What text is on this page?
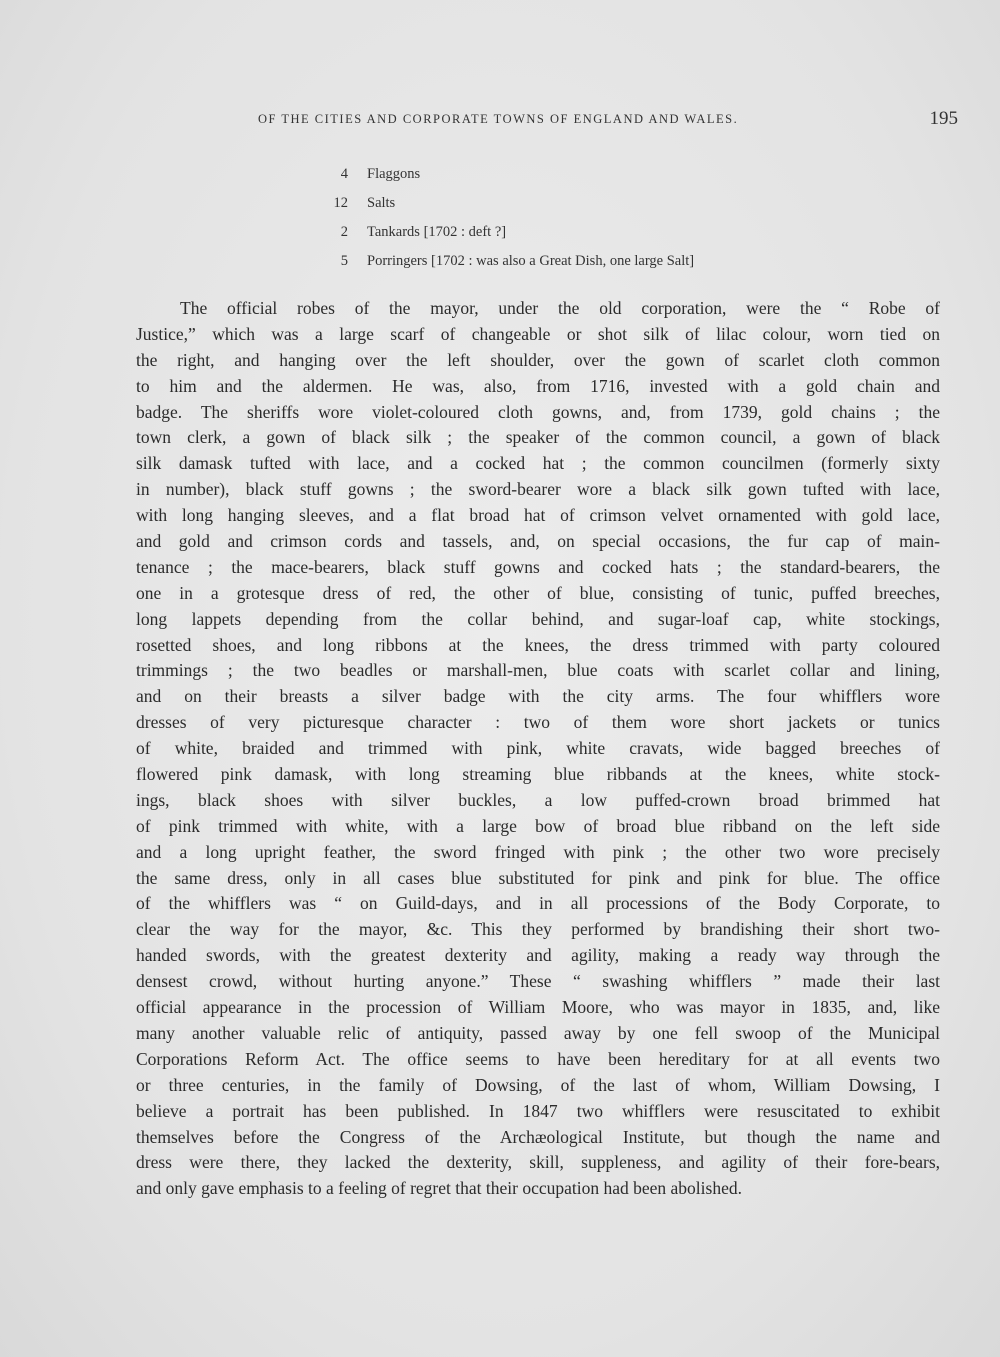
OF THE CITIES AND CORPORATE TOWNS OF ENGLAND AND WALES.	195
4 Flaggons
12 Salts
2 Tankards [1702 : deft ?]
5 Porringers [1702 : was also a Great Dish, one large Salt]
The official robes of the mayor, under the old corporation, were the “ Robe of
Justice,” which was a large scarf of changeable or shot silk of lilac colour, worn tied on
the right, and hanging over the left shoulder, over the gown of scarlet cloth common
to him and the aldermen. He was, also, from 1716, invested with a gold chain and
badge. The sheriffs wore violet-coloured cloth gowns, and, from 1739, gold chains ; the
town clerk, a gown of black silk ; the speaker of the common council, a gown of black
silk damask tufted with lace, and a cocked hat ; the common councilmen (formerly sixty
in number), black stuff gowns ; the sword-bearer wore a black silk gown tufted with lace,
with long hanging sleeves, and a flat broad hat of crimson velvet ornamented with gold lace,
and gold and crimson cords and tassels, and, on special occasions, the fur cap of main-
tenance ; the mace-bearers, black stuff gowns and cocked hats ; the standard-bearers, the
one in a grotesque dress of red, the other of blue, consisting of tunic, puffed breeches,
long lappets depending from the collar behind, and sugar-loaf cap, white stockings,
rosetted shoes, and long ribbons at the knees, the dress trimmed with party coloured
trimmings ; the two beadles or marshall-men, blue coats with scarlet collar and lining,
and on their breasts a silver badge with the city arms. The four whifflers wore
dresses of very picturesque character : two of them wore short jackets or tunics
of white, braided and trimmed with pink, white cravats, wide bagged breeches of
flowered pink damask, with long streaming blue ribbands at the knees, white stock-
ings, black shoes with silver buckles, a low puffed-crown broad brimmed hat
of pink trimmed with white, with a large bow of broad blue ribband on the left side
and a long upright feather, the sword fringed with pink ; the other two wore precisely
the same dress, only in all cases blue substituted for pink and pink for blue. The office
of the whifflers was “ on Guild-days, and in all processions of the Body Corporate, to
clear the way for the mayor, &c. This they performed by brandishing their short two-
handed swords, with the greatest dexterity and agility, making a ready way through the
densest crowd, without hurting anyone.” These “ swashing whifflers ” made their last
official appearance in the procession of William Moore, who was mayor in 1835, and, like
many another valuable relic of antiquity, passed away by one fell swoop of the Municipal
Corporations Reform Act. The office seems to have been hereditary for at all events two
or three centuries, in the family of Dowsing, of the last of whom, William Dowsing, I
believe a portrait has been published. In 1847 two whifflers were resuscitated to exhibit
themselves before the Congress of the Archæological Institute, but though the name and
dress were there, they lacked the dexterity, skill, suppleness, and agility of their fore-bears,
and only gave emphasis to a feeling of regret that their occupation had been abolished.
